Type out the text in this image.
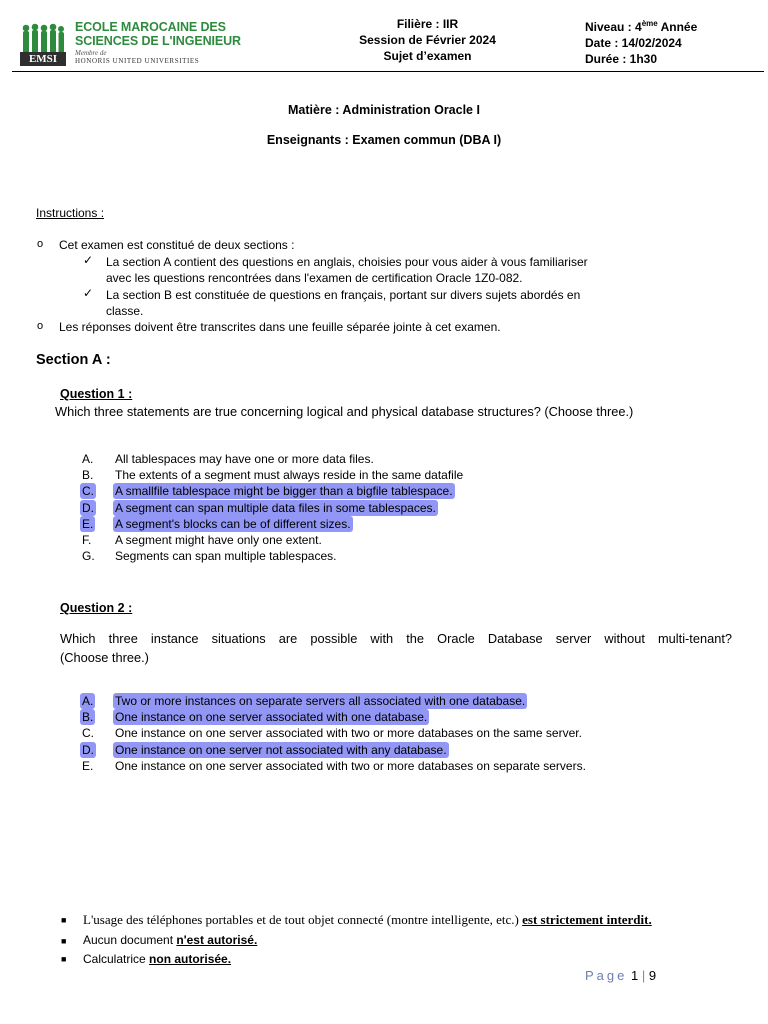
EMSI
ECOLE MAROCAINE DES
SCIENCES DE L'INGENIEUR
Membre de
HONORIS UNITED UNIVERSITIES
Filière : IIR
Session de Février 2024
Sujet d’examen
Niveau : 4ème Année
Date : 14/02/2024
Durée : 1h30
Matière : Administration Oracle I
Enseignants : Examen commun (DBA I)
Instructions :
o Cet examen est constitué de deux sections :
✓ La section A contient des questions en anglais, choisies pour vous aider à vous familiariser
avec les questions rencontrées dans l'examen de certification Oracle 1Z0-082.
✓ La section B est constituée de questions en français, portant sur divers sujets abordés en
classe.
o Les réponses doivent être transcrites dans une feuille séparée jointe à cet examen.
Section A :
Question 1 :
Which three statements are true concerning logical and physical database structures? (Choose three.)
A. All tablespaces may have one or more data files.
B. The extents of a segment must always reside in the same datafile
C. A smallfile tablespace might be bigger than a bigfile tablespace.
D. A segment can span multiple data files in some tablespaces.
E. A segment's blocks can be of different sizes.
F. A segment might have only one extent.
G. Segments can span multiple tablespaces.
Question 2 :
Which three instance situations are possible with the Oracle Database server without multi-tenant?
(Choose three.)
A. Two or more instances on separate servers all associated with one database.
B. One instance on one server associated with one database.
C. One instance on one server associated with two or more databases on the same server.
D. One instance on one server not associated with any database.
E. One instance on one server associated with two or more databases on separate servers.
■ L'usage des téléphones portables et de tout objet connecté (montre intelligente, etc.) est strictement interdit.
■ Aucun document n'est autorisé.
■ Calculatrice non autorisée.
Page 1 | 9
